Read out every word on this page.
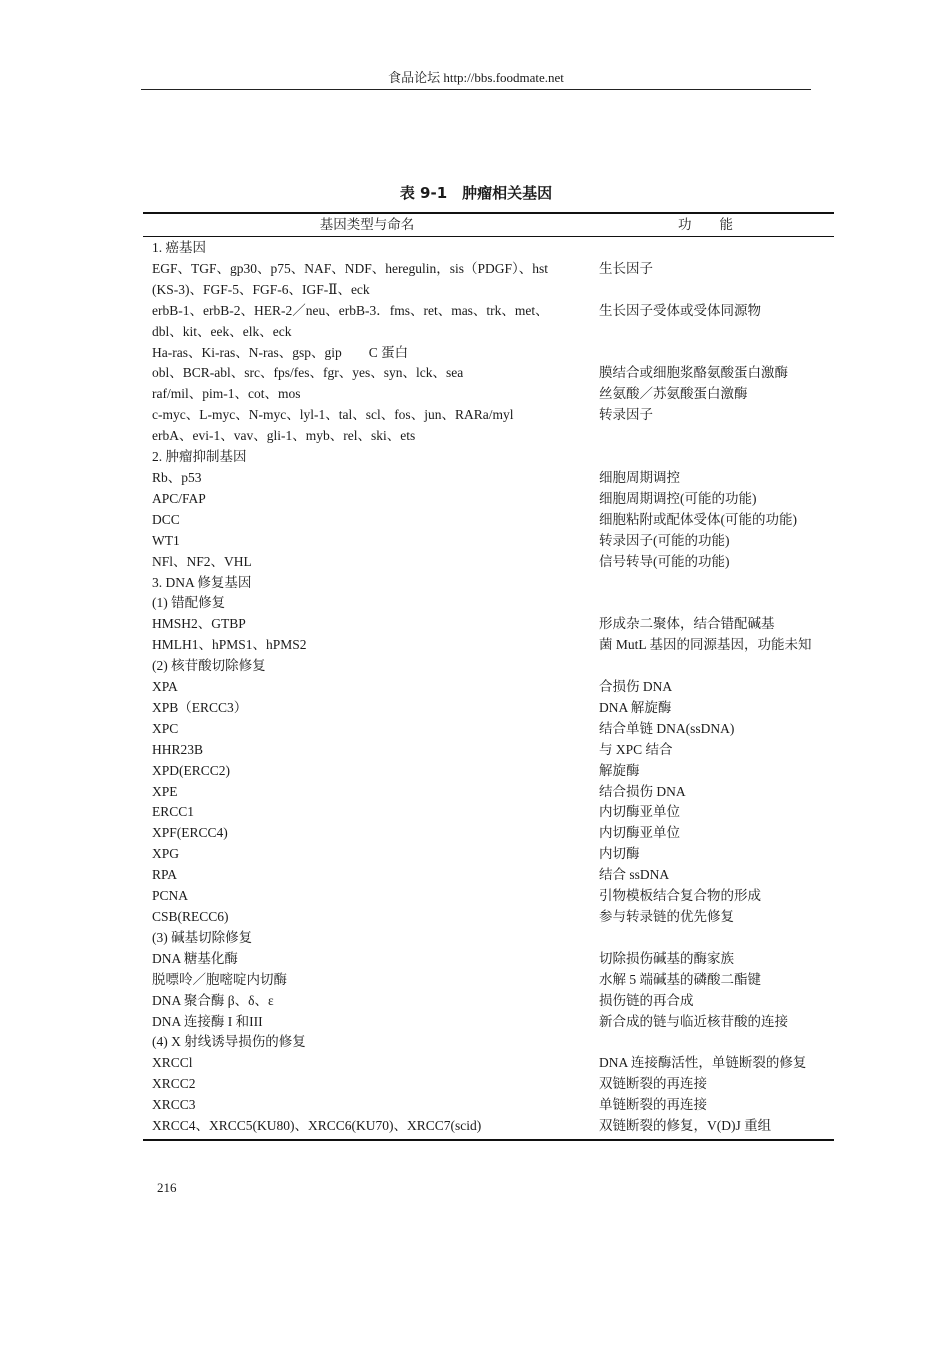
食品论坛 http://bbs.foodmate.net
表 9-1　肿瘤相关基因
基因类型与命名	功能
1. 癌基因
EGF、TGF、gp30、p75、NAF、NDF、heregulin，sis（PDGF）、hst	生长因子
(KS-3)、FGF-5、FGF-6、IGF-Ⅱ、eck
erbB-1、erbB-2、HER-2／neu、erbB-3．fms、ret、mas、trk、met、	生长因子受体或受体同源物
dbl、kit、eek、elk、eck
Ha-ras、Ki-ras、N-ras、gsp、gip　　C 蛋白
obl、BCR-abl、src、fps/fes、fgr、yes、syn、lck、sea	膜结合或细胞浆酪氨酸蛋白激酶
raf/mil、pim-1、cot、mos	丝氨酸／苏氨酸蛋白激酶
c-myc、L-myc、N-myc、lyl-1、tal、scl、fos、jun、RARa/myl	转录因子
erbA、evi-1、vav、gli-1、myb、rel、ski、ets
2. 肿瘤抑制基因
Rb、p53	细胞周期调控
APC/FAP	细胞周期调控(可能的功能)
DCC	细胞粘附或配体受体(可能的功能)
WT1	转录因子(可能的功能)
NFl、NF2、VHL	信号转导(可能的功能)
3. DNA 修复基因
(1) 错配修复
HMSH2、GTBP	形成杂二聚体，结合错配碱基
HMLH1、hPMS1、hPMS2	菌 MutL 基因的同源基因，功能未知
(2) 核苷酸切除修复
XPA	合损伤 DNA
XPB（ERCC3）	DNA 解旋酶
XPC	结合单链 DNA(ssDNA)
HHR23B	与 XPC 结合
XPD(ERCC2)	解旋酶
XPE	结合损伤 DNA
ERCC1	内切酶亚单位
XPF(ERCC4)	内切酶亚单位
XPG	内切酶
RPA	结合 ssDNA
PCNA	引物模板结合复合物的形成
CSB(RECC6)	参与转录链的优先修复
(3) 碱基切除修复
DNA 糖基化酶	切除损伤碱基的酶家族
脱嘌呤／胞嘧啶内切酶	水解 5 端碱基的磷酸二酯键
DNA 聚合酶 β、δ、ε	损伤链的再合成
DNA 连接酶 I 和III	新合成的链与临近核苷酸的连接
(4) X 射线诱导损伤的修复
XRCCl	DNA 连接酶活性，单链断裂的修复
XRCC2	双链断裂的再连接
XRCC3	单链断裂的再连接
XRCC4、XRCC5(KU80)、XRCC6(KU70)、XRCC7(scid)	双链断裂的修复，V(D)J 重组
216
